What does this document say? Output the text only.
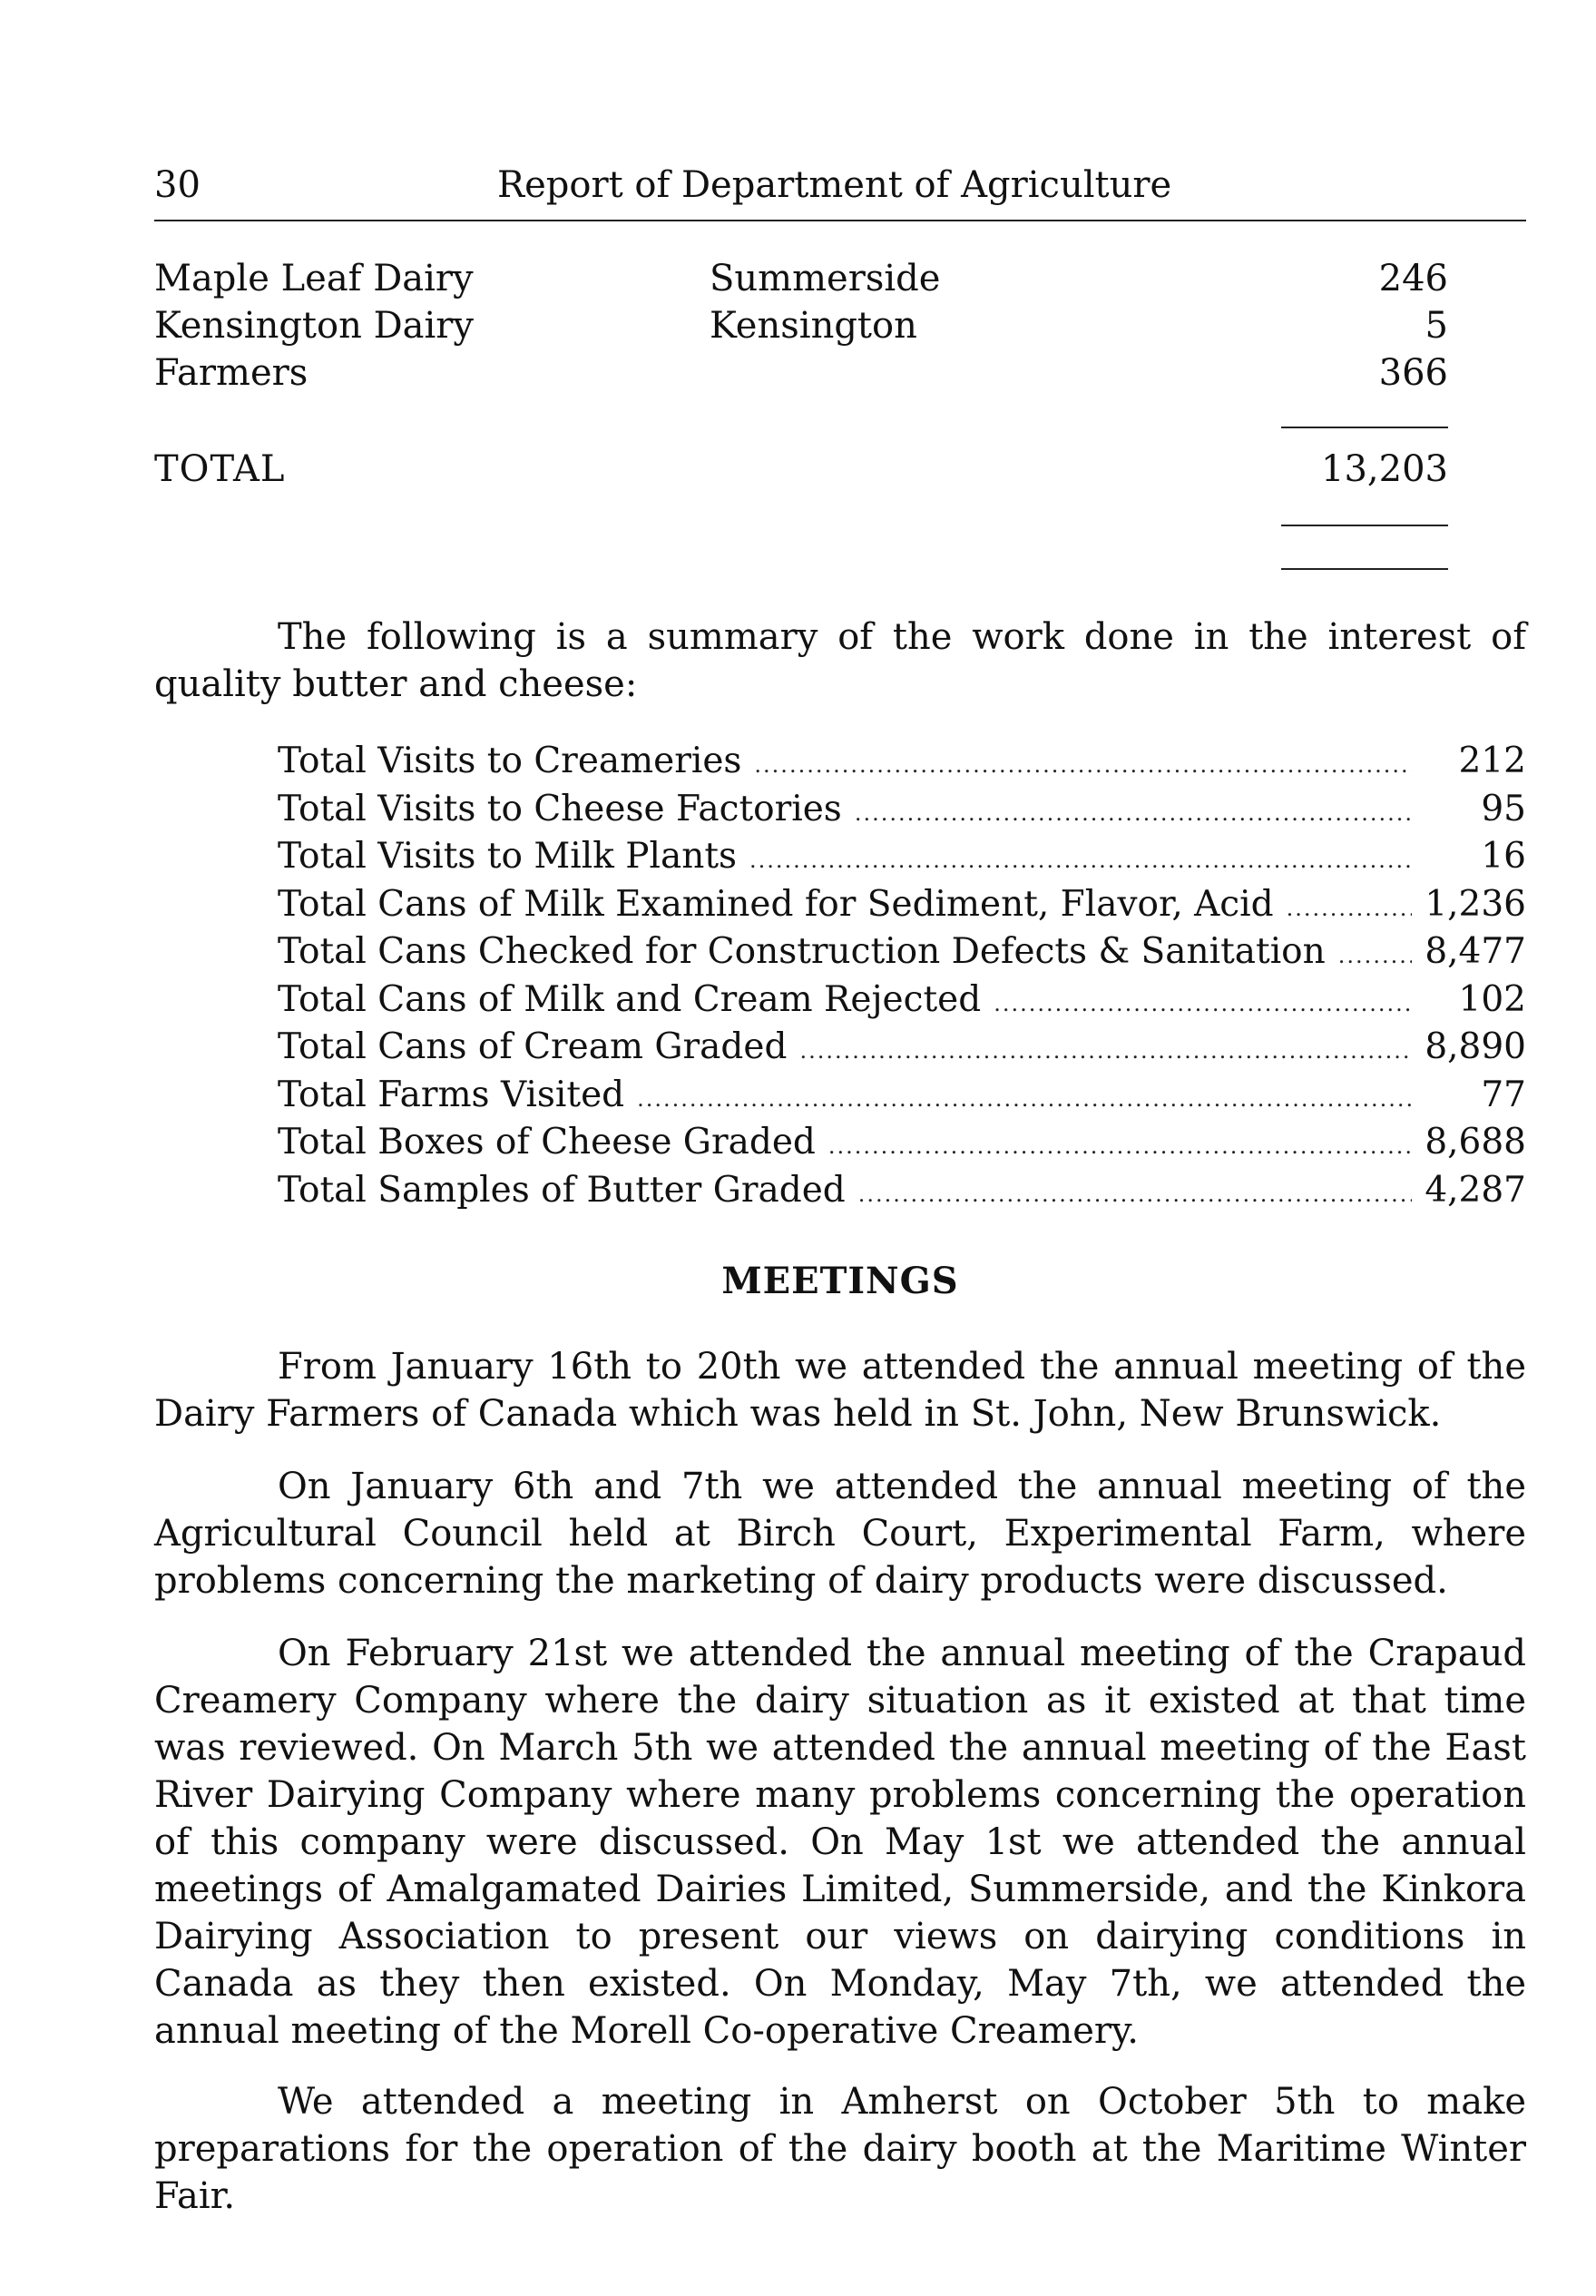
30	Report of Department of Agriculture
Maple Leaf Dairy	Summerside	246
Kensington Dairy	Kensington	5
Farmers	366
TOTAL	13,203

The following is a summary of the work done in the interest of quality butter and cheese:

Total Visits to Creameries .....	212
Total Visits to Cheese Factories .....	95
Total Visits to Milk Plants .....	16
Total Cans of Milk Examined for Sediment, Flavor, Acid .....	1,236
Total Cans Checked for Construction Defects & Sanitation .....	8,477
Total Cans of Milk and Cream Rejected .....	102
Total Cans of Cream Graded .....	8,890
Total Farms Visited .....	77
Total Boxes of Cheese Graded .....	8,688
Total Samples of Butter Graded .....	4,287
MEETINGS

From January 16th to 20th we attended the annual meeting of the Dairy Farmers of Canada which was held in St. John, New Brunswick.

On January 6th and 7th we attended the annual meeting of the Agricultural Council held at Birch Court, Experimental Farm, where problems concerning the marketing of dairy products were discussed.

On February 21st we attended the annual meeting of the Crapaud Creamery Company where the dairy situation as it existed at that time was reviewed. On March 5th we attended the annual meeting of the East River Dairying Company where many problems concerning the operation of this company were discussed. On May 1st we attended the annual meetings of Amalgamated Dairies Limited, Summerside, and the Kinkora Dairying Association to present our views on dairying conditions in Canada as they then existed. On Monday, May 7th, we attended the annual meeting of the Morell Co-operative Creamery.

We attended a meeting in Amherst on October 5th to make preparations for the operation of the dairy booth at the Maritime Winter Fair.
